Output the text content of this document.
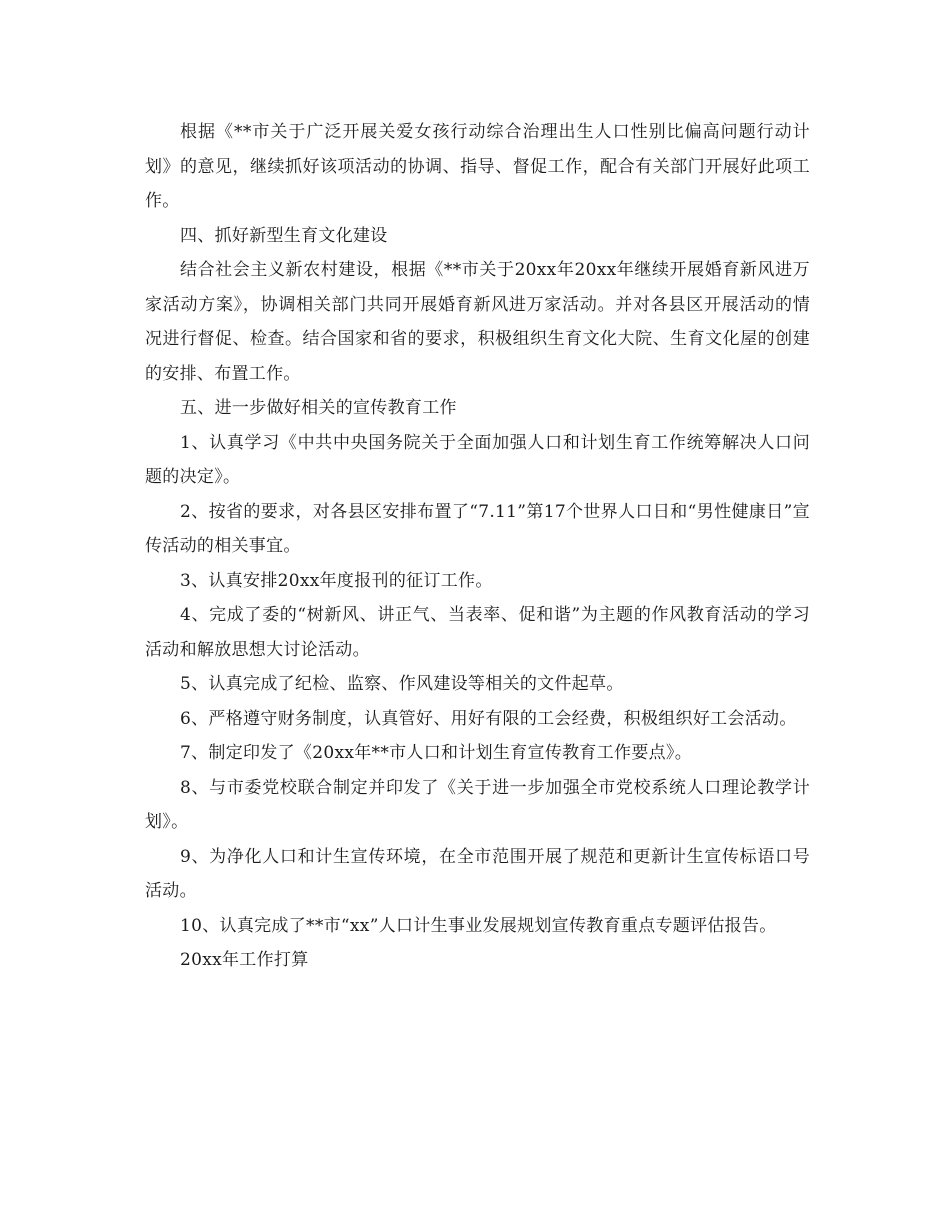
根据《**市关于广泛开展关爱女孩行动综合治理出生人口性别比偏高问题行动计划》的意见，继续抓好该项活动的协调、指导、督促工作，配合有关部门开展好此项工作。

四、抓好新型生育文化建设

结合社会主义新农村建设，根据《**市关于20xx年20xx年继续开展婚育新风进万家活动方案》，协调相关部门共同开展婚育新风进万家活动。并对各县区开展活动的情况进行督促、检查。结合国家和省的要求，积极组织生育文化大院、生育文化屋的创建的安排、布置工作。

五、进一步做好相关的宣传教育工作

1、认真学习《中共中央国务院关于全面加强人口和计划生育工作统筹解决人口问题的决定》。

2、按省的要求，对各县区安排布置了“7.11”第17个世界人口日和“男性健康日”宣传活动的相关事宜。

3、认真安排20xx年度报刊的征订工作。

4、完成了委的“树新风、讲正气、当表率、促和谐”为主题的作风教育活动的学习活动和解放思想大讨论活动。

5、认真完成了纪检、监察、作风建设等相关的文件起草。

6、严格遵守财务制度，认真管好、用好有限的工会经费，积极组织好工会活动。

7、制定印发了《20xx年**市人口和计划生育宣传教育工作要点》。

8、与市委党校联合制定并印发了《关于进一步加强全市党校系统人口理论教学计划》。

9、为净化人口和计生宣传环境，在全市范围开展了规范和更新计生宣传标语口号活动。

10、认真完成了**市“xx”人口计生事业发展规划宣传教育重点专题评估报告。

20xx年工作打算
